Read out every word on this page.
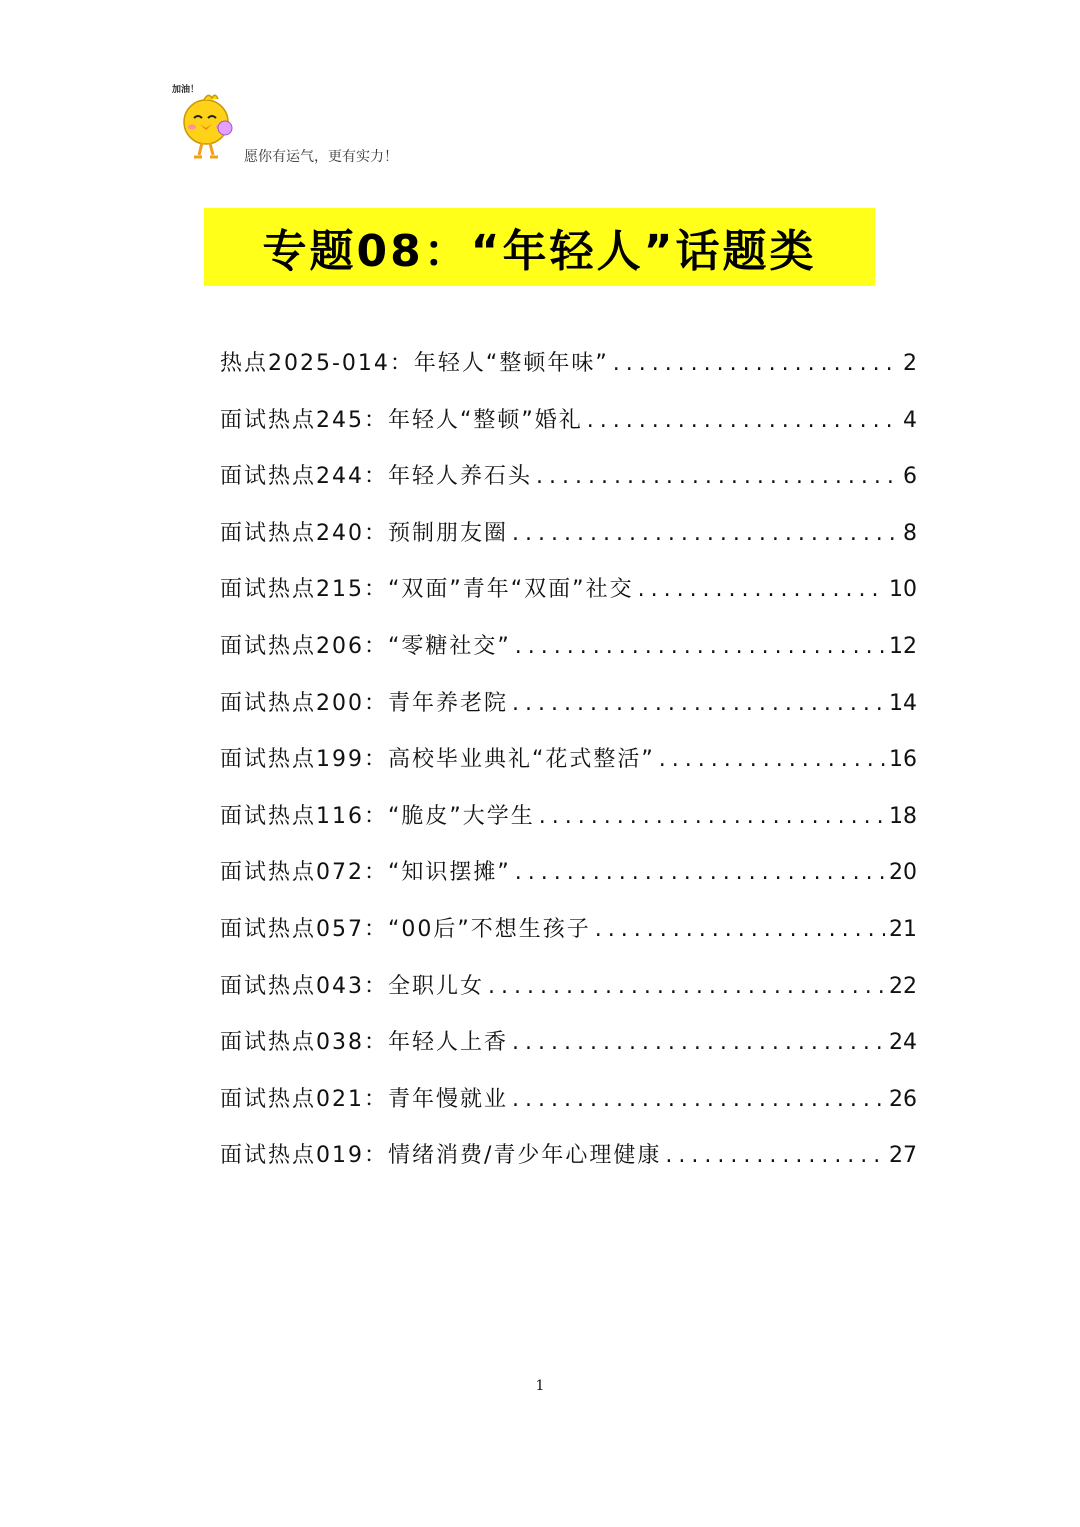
加油！
愿你有运气，更有实力！
专题08：“年轻人”话题类
热点2025-014：年轻人“整顿年味” .....	2
面试热点245：年轻人“整顿”婚礼 .....	4
面试热点244：年轻人养石头 .....	6
面试热点240：预制朋友圈 .....	8
面试热点215：“双面”青年“双面”社交 .....	10
面试热点206：“零糖社交” .....	12
面试热点200：青年养老院 .....	14
面试热点199：高校毕业典礼“花式整活” .....	16
面试热点116：“脆皮”大学生 .....	18
面试热点072：“知识摆摊” .....	20
面试热点057：“00后”不想生孩子 .....	21
面试热点043：全职儿女 .....	22
面试热点038：年轻人上香 .....	24
面试热点021：青年慢就业 .....	26
面试热点019：情绪消费/青少年心理健康 .....	27
1
